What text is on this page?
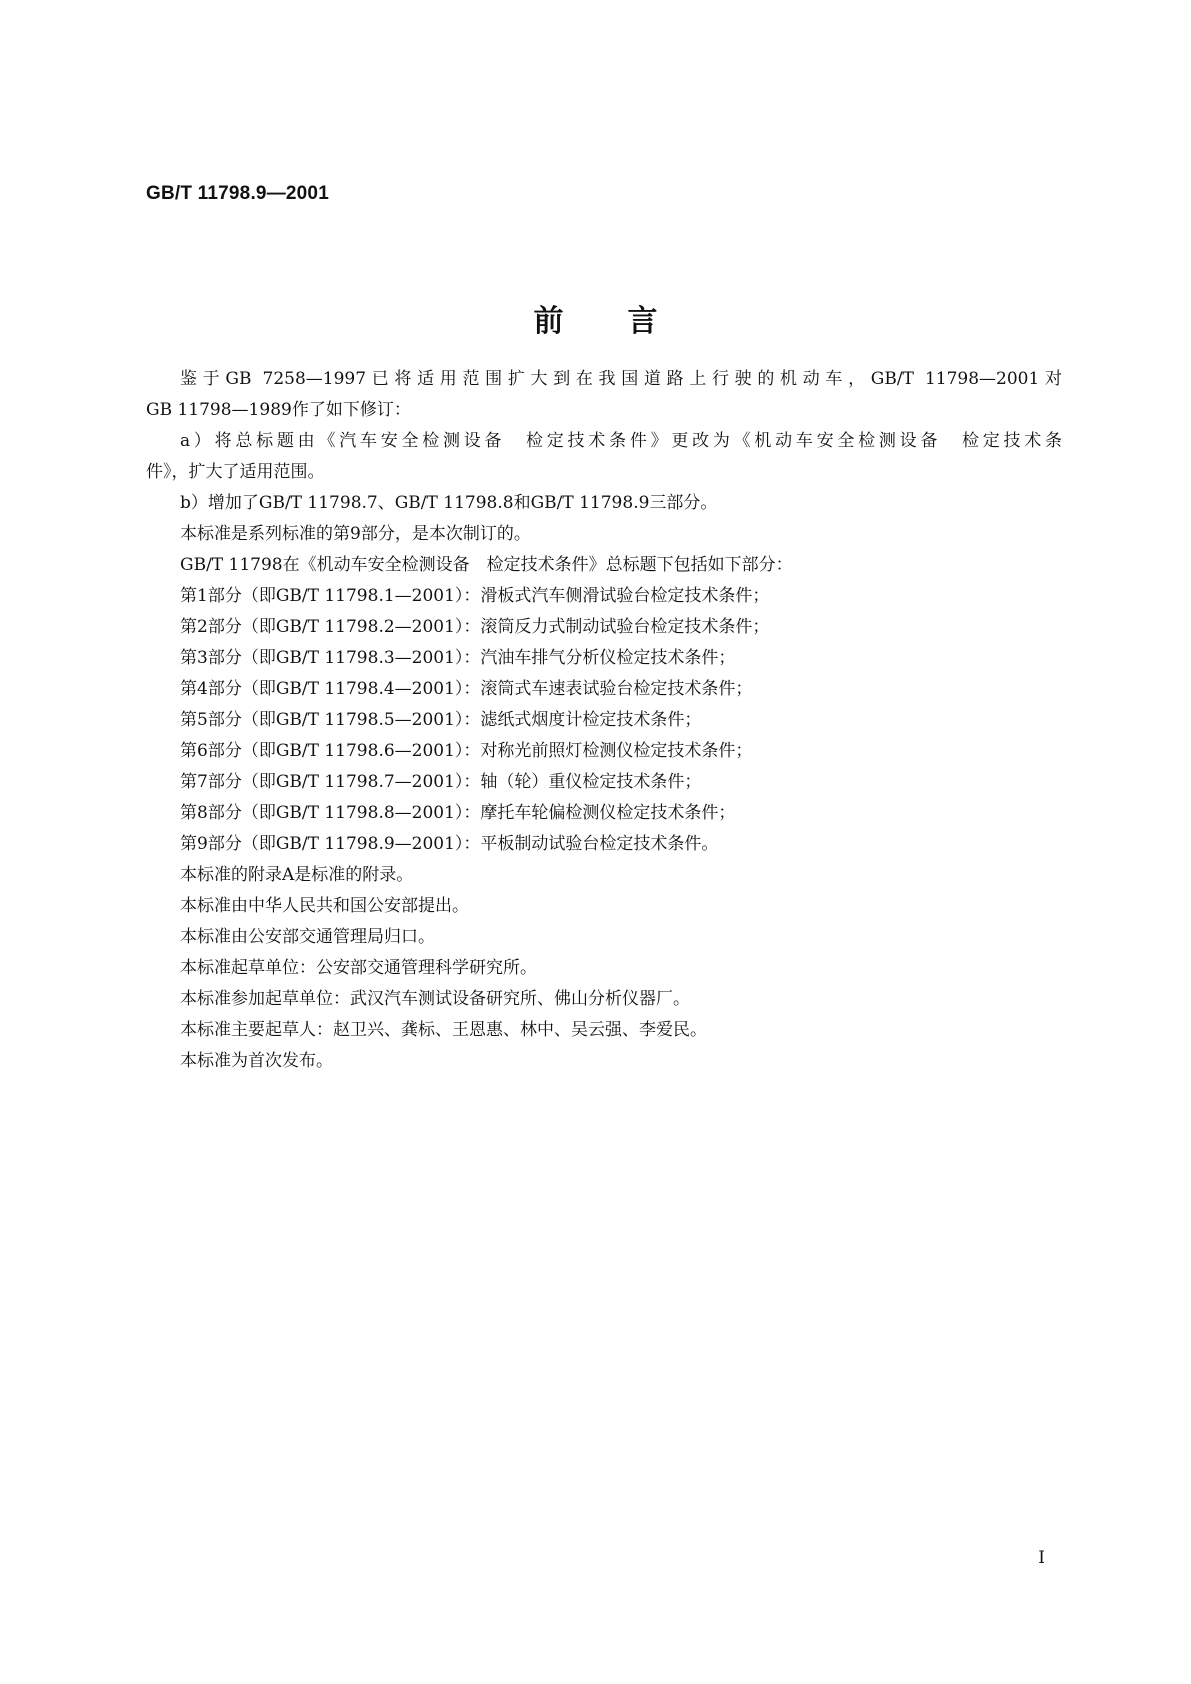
GB/T 11798.9—2001
前言

鉴于GB 7258—1997已将适用范围扩大到在我国道路上行驶的机动车，GB/T 11798—2001对

GB 11798—1989作了如下修订：

a）将总标题由《汽车安全检测设备　检定技术条件》更改为《机动车安全检测设备　检定技术条

件》，扩大了适用范围。

b）增加了GB/T 11798.7、GB/T 11798.8和GB/T 11798.9三部分。

本标准是系列标准的第9部分，是本次制订的。

GB/T 11798在《机动车安全检测设备　检定技术条件》总标题下包括如下部分：

第1部分（即GB/T 11798.1—2001）：滑板式汽车侧滑试验台检定技术条件；

第2部分（即GB/T 11798.2—2001）：滚筒反力式制动试验台检定技术条件；

第3部分（即GB/T 11798.3—2001）：汽油车排气分析仪检定技术条件；

第4部分（即GB/T 11798.4—2001）：滚筒式车速表试验台检定技术条件；

第5部分（即GB/T 11798.5—2001）：滤纸式烟度计检定技术条件；

第6部分（即GB/T 11798.6—2001）：对称光前照灯检测仪检定技术条件；

第7部分（即GB/T 11798.7—2001）：轴（轮）重仪检定技术条件；

第8部分（即GB/T 11798.8—2001）：摩托车轮偏检测仪检定技术条件；

第9部分（即GB/T 11798.9—2001）：平板制动试验台检定技术条件。

本标准的附录A是标准的附录。

本标准由中华人民共和国公安部提出。

本标准由公安部交通管理局归口。

本标准起草单位：公安部交通管理科学研究所。

本标准参加起草单位：武汉汽车测试设备研究所、佛山分析仪器厂。

本标准主要起草人：赵卫兴、龚标、王恩惠、林中、吴云强、李爱民。

本标准为首次发布。

I
